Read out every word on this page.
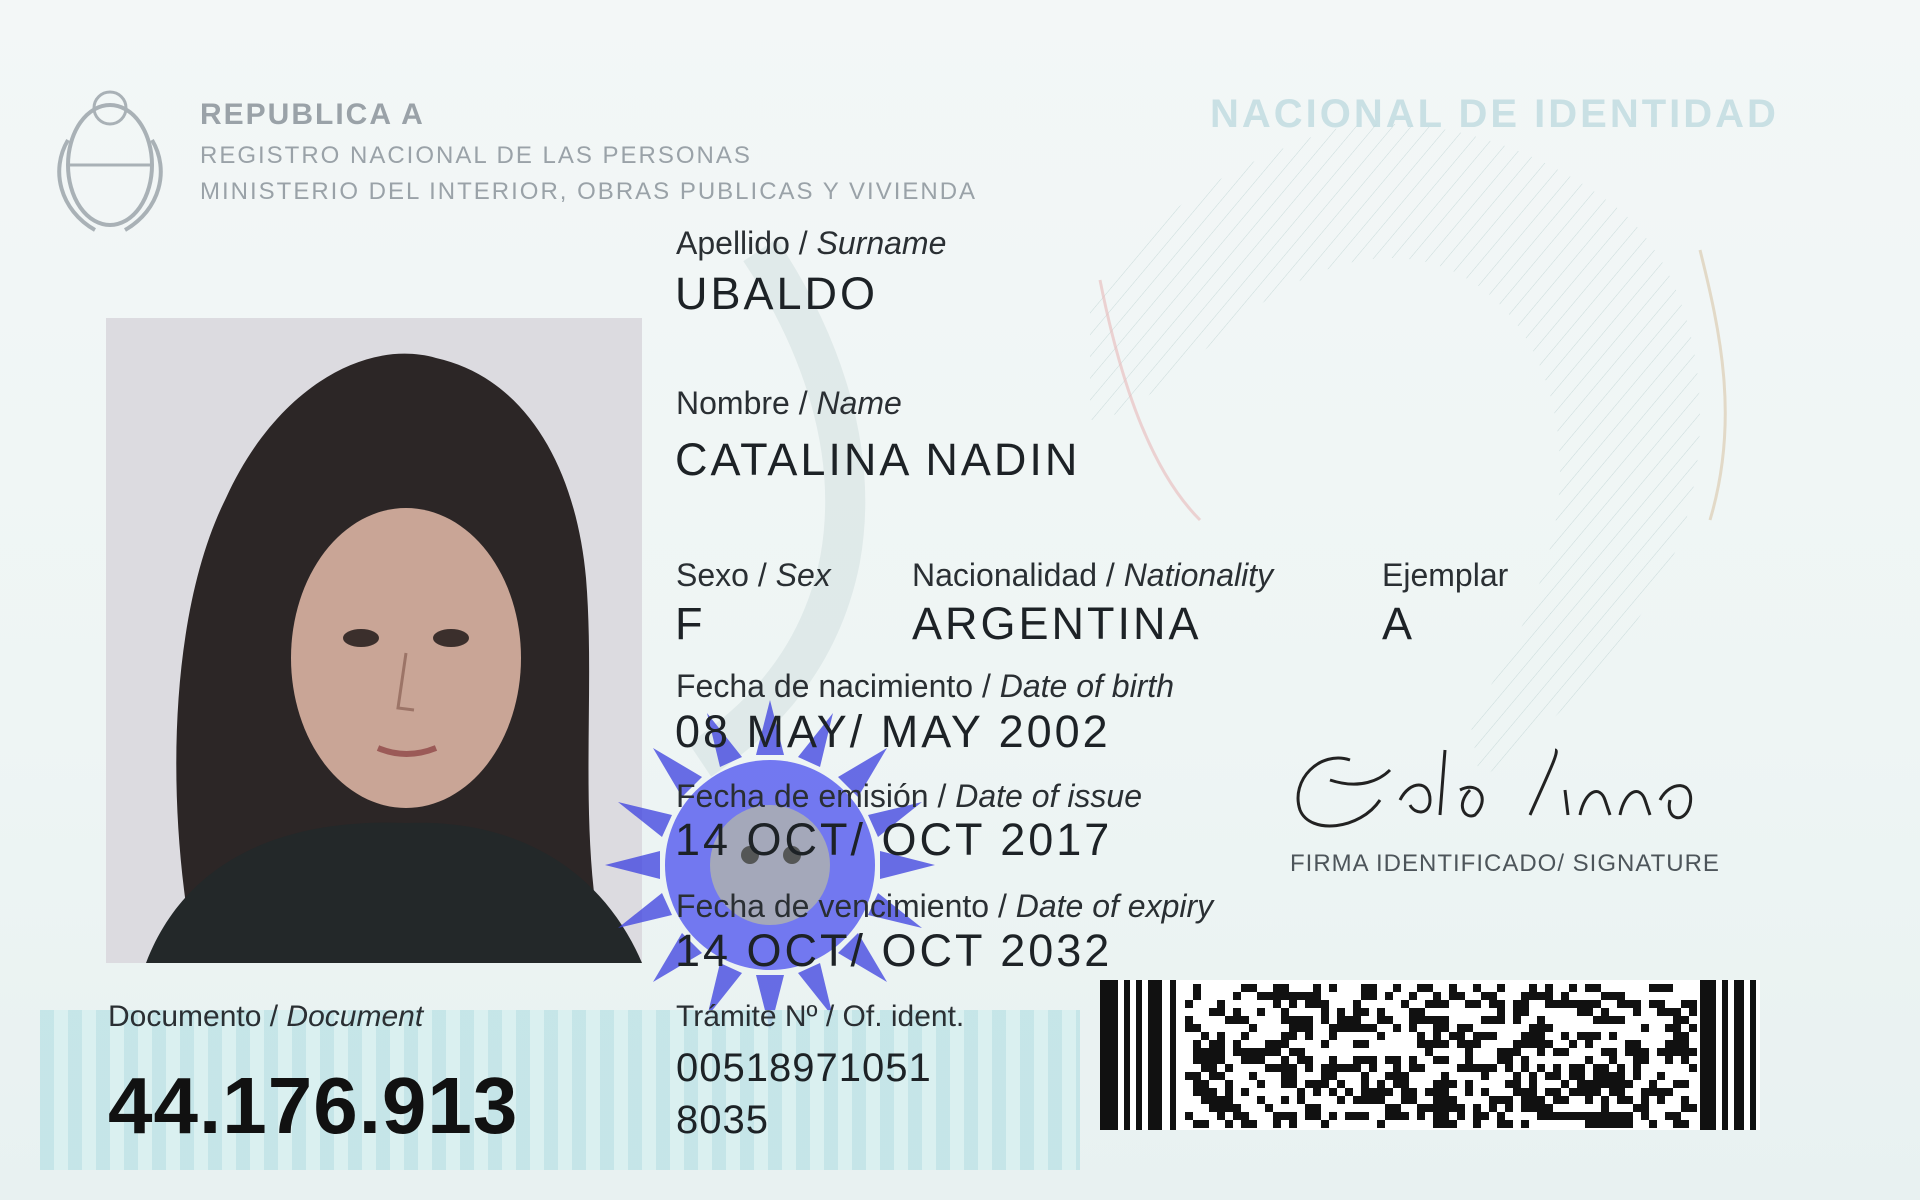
REPUBLICA A
REGISTRO NACIONAL DE LAS PERSONAS
MINISTERIO DEL INTERIOR, OBRAS PUBLICAS Y VIVIENDA
NACIONAL DE IDENTIDAD
Apellido / Surname
UBALDO
Nombre / Name
CATALINA NADIN
Sexo / Sex
F
Nacionalidad / Nationality
ARGENTINA
Ejemplar
A
Fecha de nacimiento / Date of birth
08 MAY/ MAY 2002
Fecha de emisión / Date of issue
14 OCT/ OCT 2017
Fecha de vencimiento / Date of expiry
14 OCT/ OCT 2032
FIRMA IDENTIFICADO/ SIGNATURE
Documento / Document
44.176.913
Trámite Nº / Of. ident.
00518971051
8035
